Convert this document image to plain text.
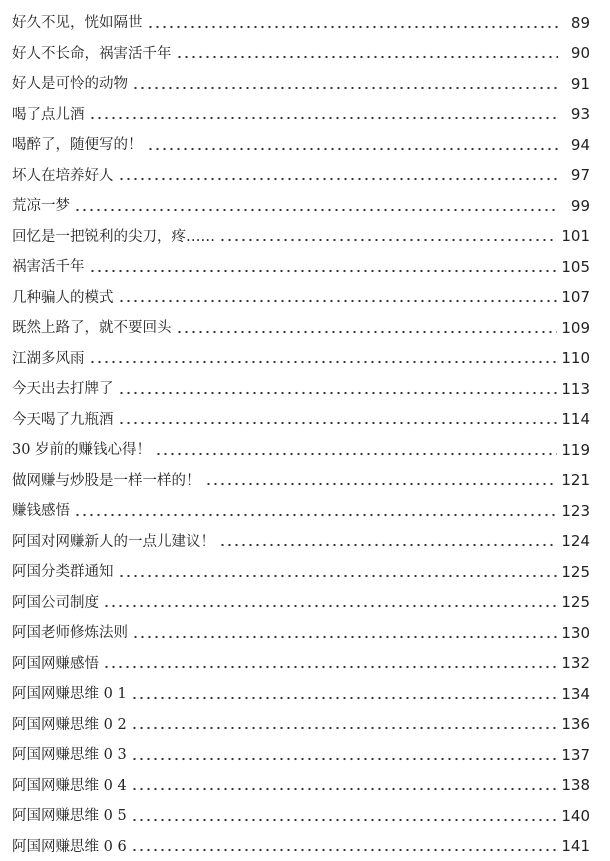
好久不见，恍如隔世	89
好人不长命，祸害活千年	90
好人是可怜的动物	91
喝了点儿酒	93
喝醉了，随便写的！	94
坏人在培养好人	97
荒凉一梦	99
回忆是一把锐利的尖刀，疼……	101
祸害活千年	105
几种骗人的模式	107
既然上路了，就不要回头	109
江湖多风雨	110
今天出去打牌了	113
今天喝了九瓶酒	114
30 岁前的赚钱心得！	119
做网赚与炒股是一样一样的！	121
赚钱感悟	123
阿国对网赚新人的一点儿建议！	124
阿国分类群通知	125
阿国公司制度	125
阿国老师修炼法则	130
阿国网赚感悟	132
阿国网赚思维 0 1	134
阿国网赚思维 0 2	136
阿国网赚思维 0 3	137
阿国网赚思维 0 4	138
阿国网赚思维 0 5	140
阿国网赚思维 0 6	141
